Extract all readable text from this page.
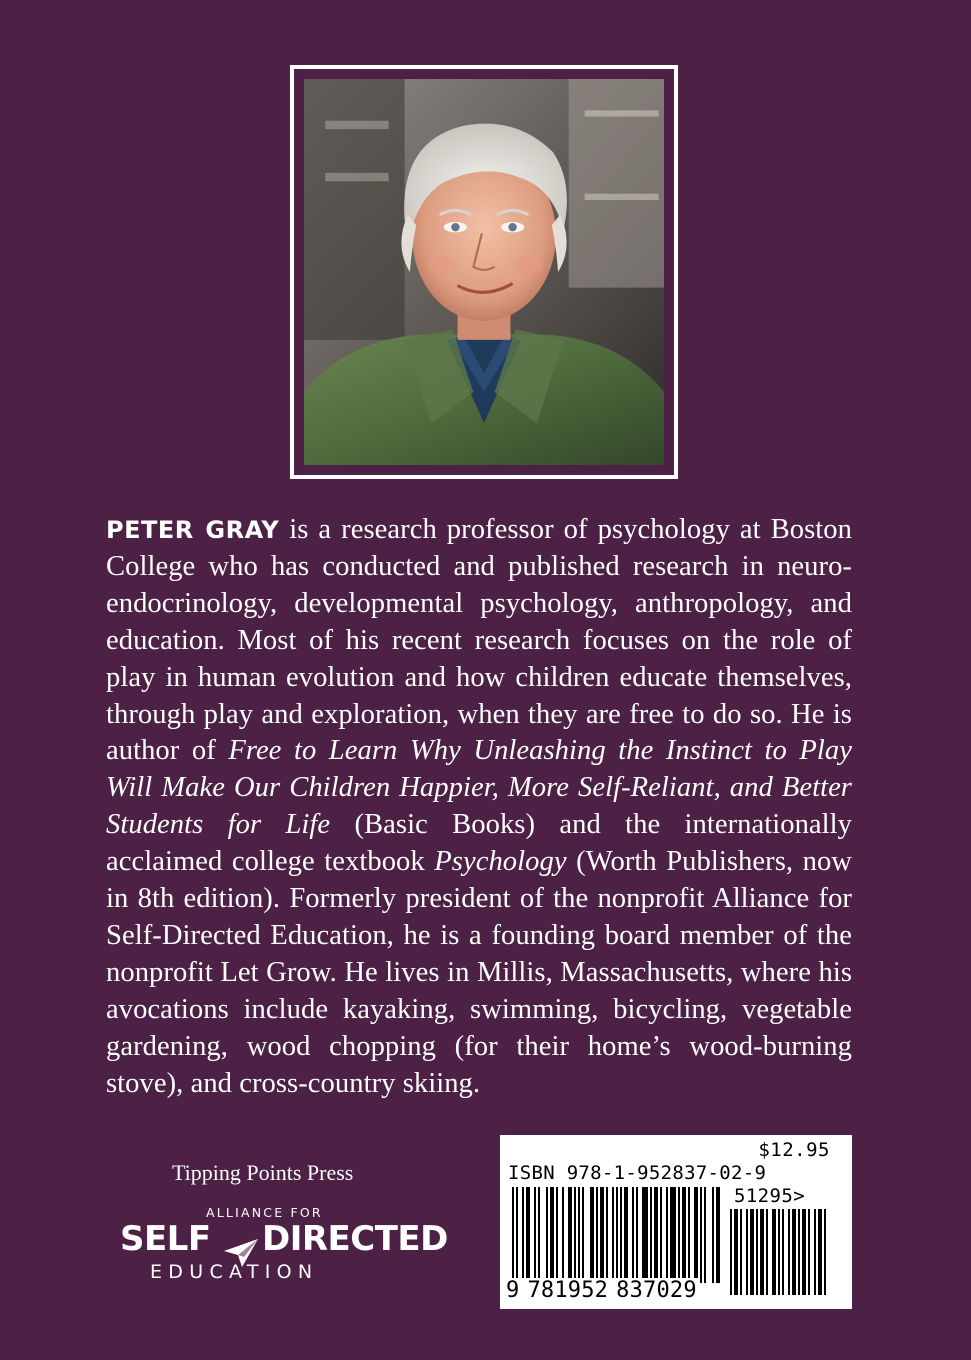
PETER GRAY is a research professor of psychology at Boston College who has conducted and published research in neuro-endocrinology, developmental psychology, anthropology, and education. Most of his recent research focuses on the role of play in human evolution and how children educate themselves, through play and exploration, when they are free to do so. He is author of Free to Learn Why Unleashing the Instinct to Play Will Make Our Children Happier, More Self-Reliant, and Better Students for Life (Basic Books) and the internationally acclaimed college textbook Psychology (Worth Publishers, now in 8th edition). Formerly president of the nonprofit Alliance for Self-Directed Education, he is a founding board member of the nonprofit Let Grow. He lives in Millis, Massachusetts, where his avocations include kayaking, swimming, bicycling, vegetable gardening, wood chopping (for their home’s wood-burning stove), and cross-country skiing.

Tipping Points Press
ALLIANCE FOR
SELF DIRECTED
EDUCATION
$12.95
ISBN 978-1-952837-02-9
51295>
9 781952 837029
